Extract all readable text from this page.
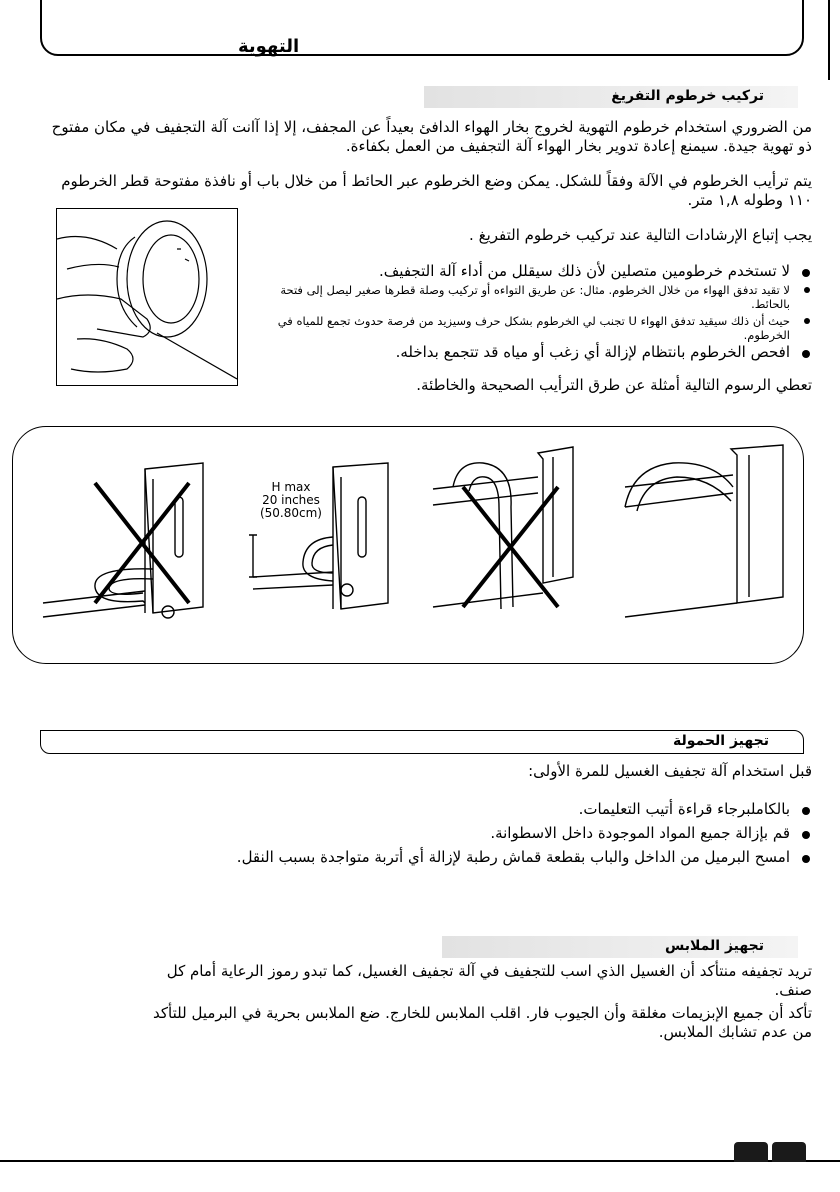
التهوية
تركيب خرطوم التفريغ
من الضروري استخدام خرطوم التهوية لخروج بخار الهواء الدافئ بعيداً عن المجفف، إلا إذا آانت آلة التجفيف في مكان مفتوح ذو تهوية جيدة. سيمنع إعادة تدوير بخار الهواء آلة التجفيف من العمل بكفاءة.
يتم ترأيب الخرطوم في الآلة وفقاً للشكل. يمكن وضع الخرطوم عبر الحائط أ من خلال باب أو نافذة مفتوحة قطر الخرطوم ١١٠ وطوله ١,٨ متر.
يجب إتباع الإرشادات التالية عند تركيب خرطوم التفريغ .
لا تستخدم خرطومين متصلين لأن ذلك سيقلل من أداء آلة التجفيف.
لا تقيد تدفق الهواء من خلال الخرطوم. مثال: عن طريق التواءه أو تركيب وصلة قطرها صغير ليصل إلى فتحة بالحائط.
حيث أن ذلك سيقيد تدفق الهواء U تجنب لي الخرطوم بشكل حرف وسيزيد من فرصة حدوث تجمع للمياه في الخرطوم.
افحص الخرطوم بانتظام لإزالة أي زغب أو مياه قد تتجمع بداخله.
تعطي الرسوم التالية أمثلة عن طرق الترأيب الصحيحة والخاطئة.
H max
20 inches
(50.80cm)
تجهيز الحمولة
قبل استخدام آلة تجفيف الغسيل للمرة الأولى:
بالكاملبرجاء قراءة أتيب التعليمات.
قم بإزالة جميع المواد الموجودة داخل الاسطوانة.
امسح البرميل من الداخل والباب بقطعة قماش رطبة لإزالة أي أتربة متواجدة بسبب النقل.
تجهيز الملابس
تريد تجفيفه منتأكد أن الغسيل الذي اسب للتجفيف في آلة تجفيف الغسيل، كما تبدو رموز الرعاية أمام كل صنف.
تأكد أن جميع الإبزيمات مغلقة وأن الجيوب فار. اقلب الملابس للخارج. ضع الملابس بحرية في البرميل للتأكد من عدم تشابك الملابس.
